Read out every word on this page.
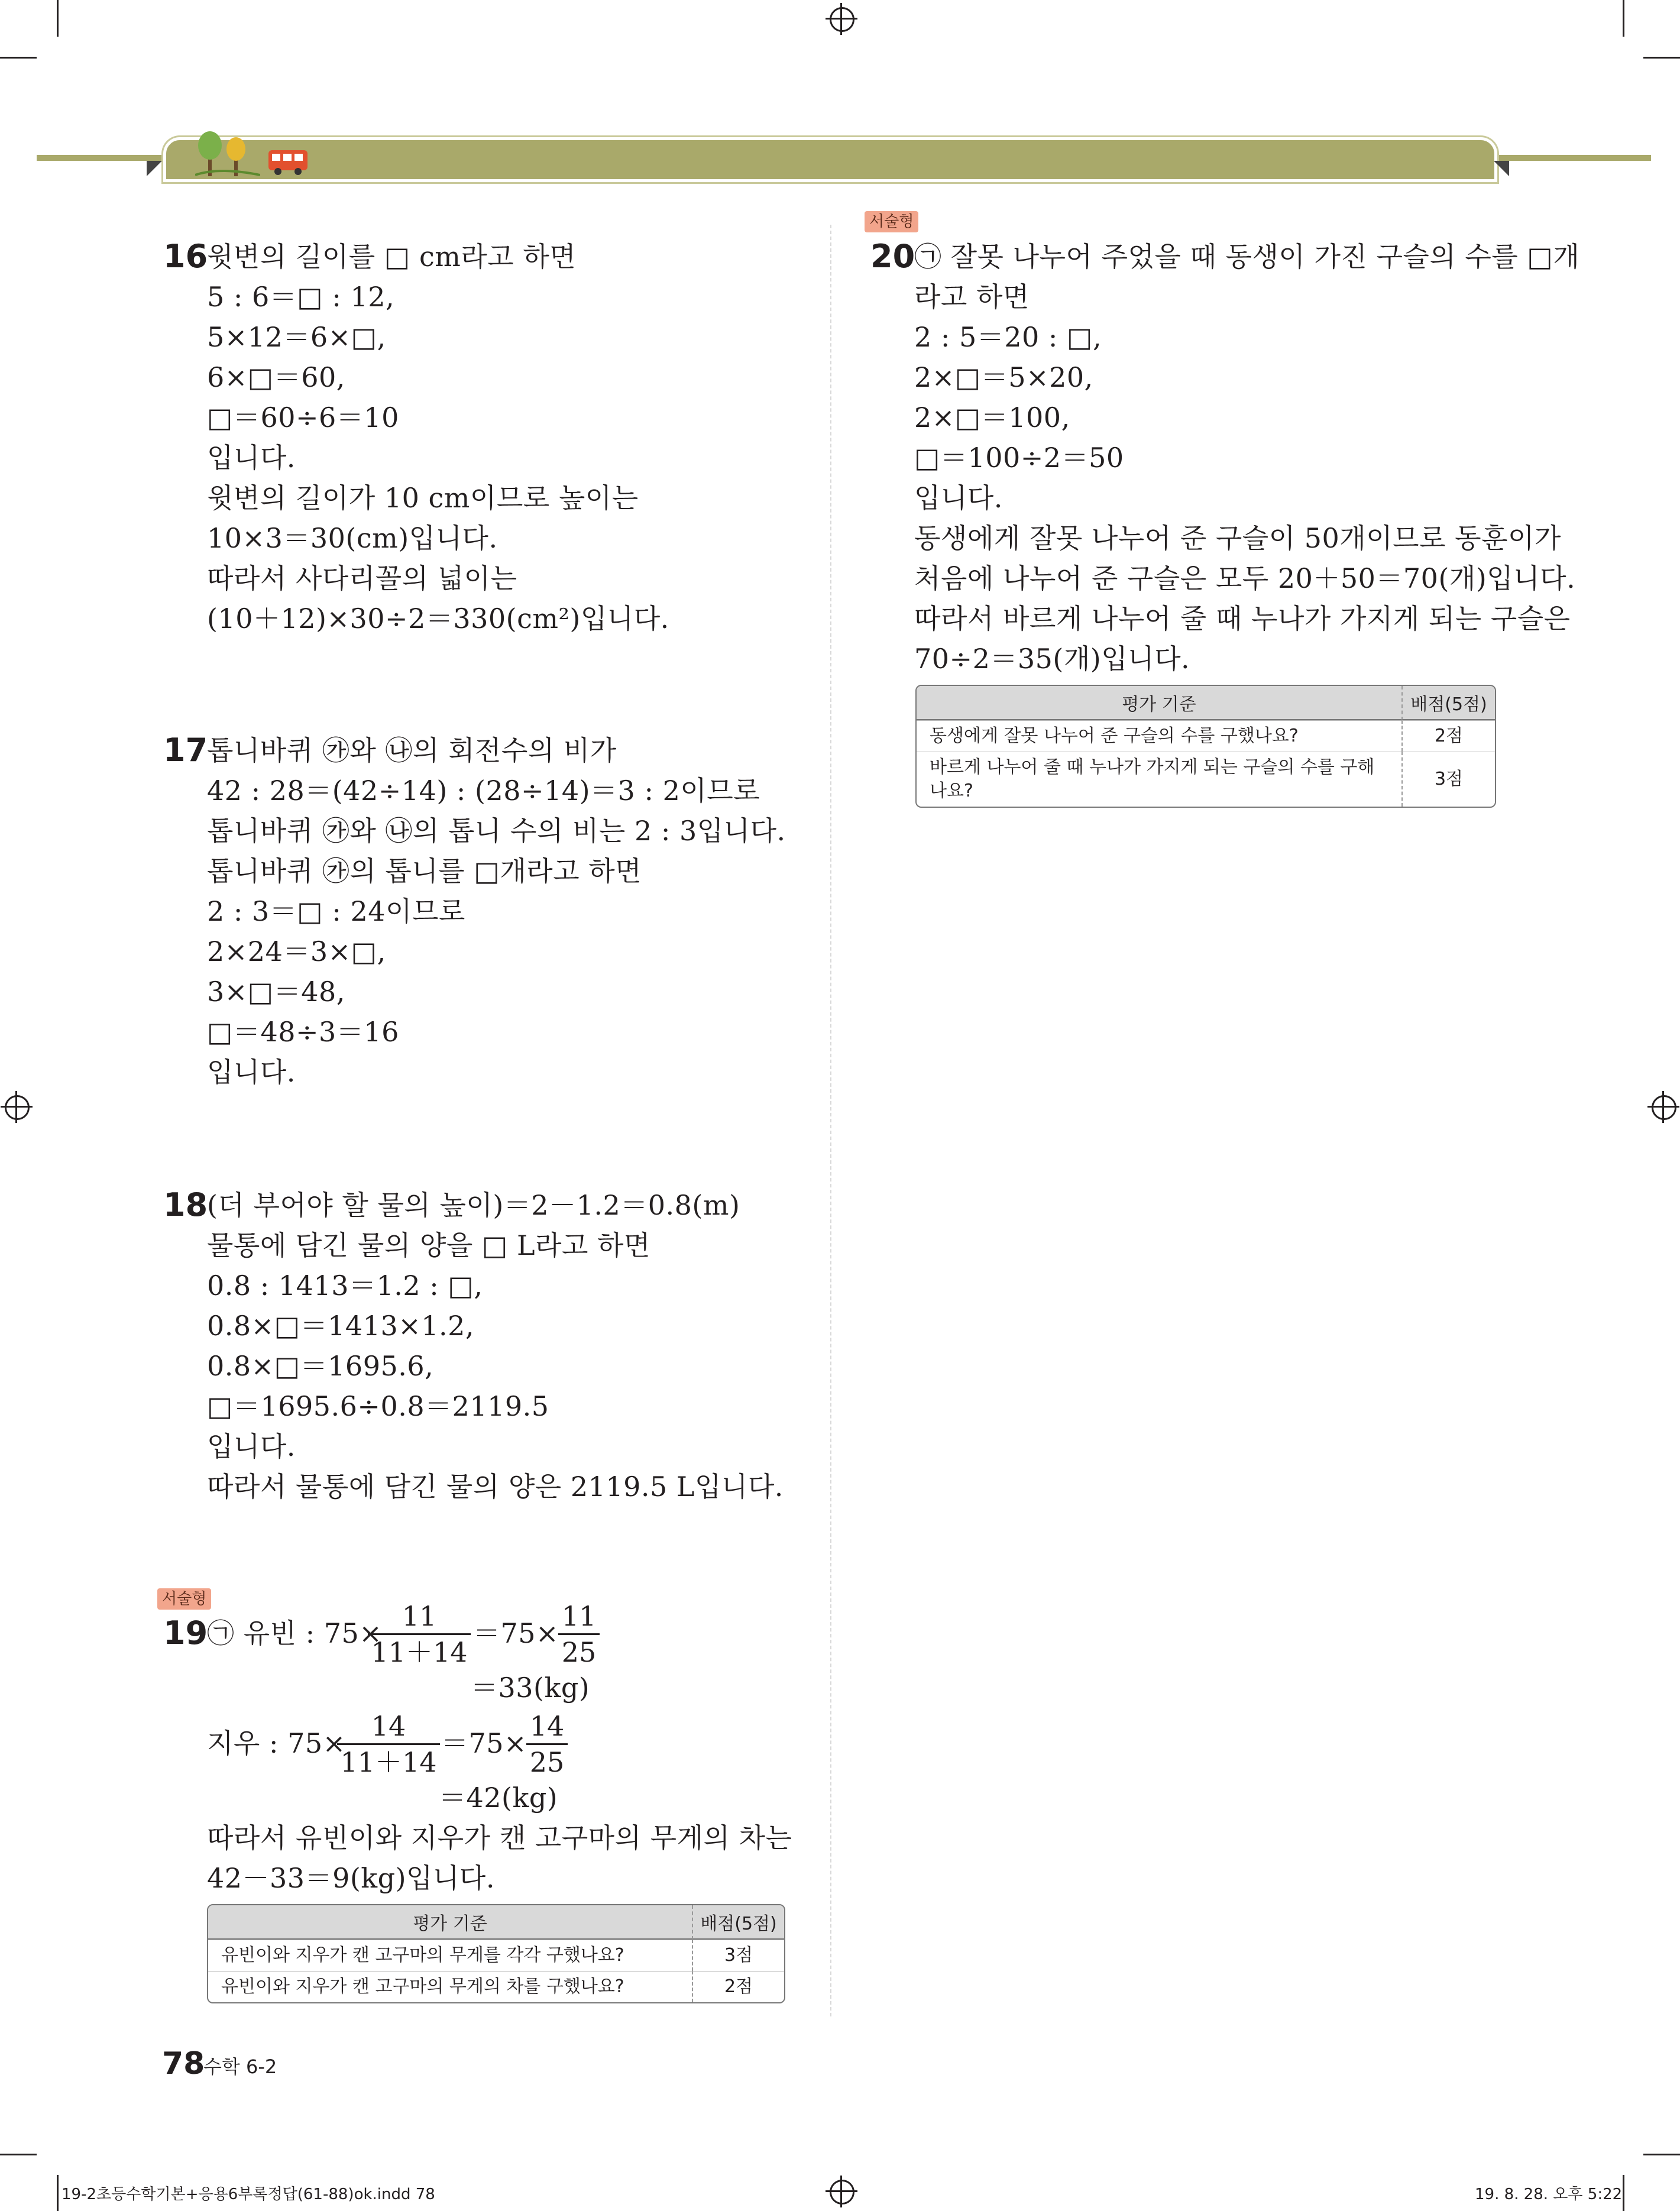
16
윗변의 길이를 □ cm라고 하면
5 : 6＝□ : 12,
5×12＝6×□,
6×□＝60,
□＝60÷6＝10
입니다.
윗변의 길이가 10 cm이므로 높이는
10×3＝30(cm)입니다.
따라서 사다리꼴의 넓이는
(10＋12)×30÷2＝330(cm²)입니다.
17
톱니바퀴 ㉮와 ㉯의 회전수의 비가
42 : 28＝(42÷14) : (28÷14)＝3 : 2이므로
톱니바퀴 ㉮와 ㉯의 톱니 수의 비는 2 : 3입니다.
톱니바퀴 ㉮의 톱니를 □개라고 하면
2 : 3＝□ : 24이므로
2×24＝3×□,
3×□＝48,
□＝48÷3＝16
입니다.
18
(더 부어야 할 물의 높이)＝2－1.2＝0.8(m)
물통에 담긴 물의 양을 □ L라고 하면
0.8 : 1413＝1.2 : □,
0.8×□＝1413×1.2,
0.8×□＝1695.6,
□＝1695.6÷0.8＝2119.5
입니다.
따라서 물통에 담긴 물의 양은 2119.5 L입니다.
서술형
19
㉠ 유빈 : 75×
11
11＋14
＝75×
11
25
＝33(kg)
지우 : 75×
14
11＋14
＝75×
14
25
＝42(kg)
따라서 유빈이와 지우가 캔 고구마의 무게의 차는
42－33＝9(kg)입니다.
평가 기준	배점(5점)
유빈이와 지우가 캔 고구마의 무게를 각각 구했나요?	3점
유빈이와 지우가 캔 고구마의 무게의 차를 구했나요?	2점
서술형
20
㉠ 잘못 나누어 주었을 때 동생이 가진 구슬의 수를 □개
라고 하면
2 : 5＝20 : □,
2×□＝5×20,
2×□＝100,
□＝100÷2＝50
입니다.
동생에게 잘못 나누어 준 구슬이 50개이므로 동훈이가
처음에 나누어 준 구슬은 모두 20＋50＝70(개)입니다.
따라서 바르게 나누어 줄 때 누나가 가지게 되는 구슬은
70÷2＝35(개)입니다.
평가 기준	배점(5점)
동생에게 잘못 나누어 준 구슬의 수를 구했나요?	2점
바르게 나누어 줄 때 누나가 가지게 되는 구슬의 수를 구해 나요?	3점
78
수학 6-2
19-2초등수학기본+응용6부록정답(61-88)ok.indd 78	19. 8. 28. 오후 5:22
